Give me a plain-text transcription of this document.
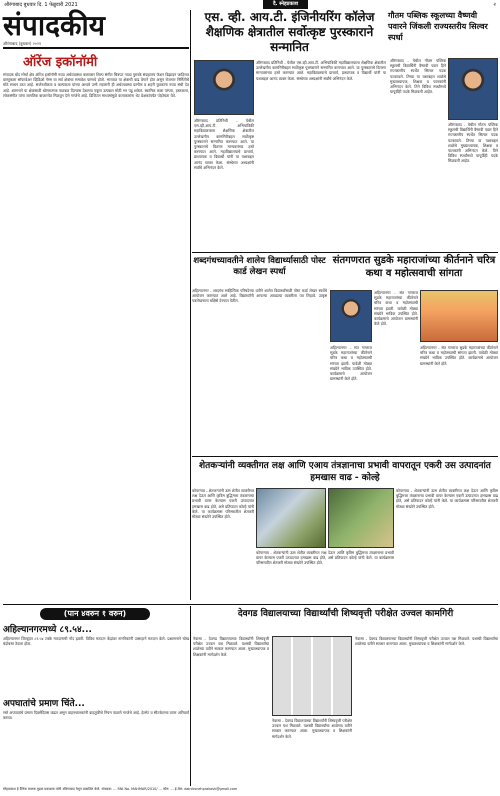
औरंगाबाद बुधवार दि. 1 फेब्रुवारी 2021	दै. स्नेहप्रकाश	२
संपादकीय
औरंगाबाद (बुधवार) २०२१
एस. व्ही. आय.टी. इंजिनीयरिंग कॉलेज शैक्षणिक क्षेत्रातील सर्वोत्कृष्ट पुरस्काराने सन्मानित
गौतम पब्लिक स्कूलच्या वैष्णवी पवारने जिंकली राज्यस्तरीय सिल्वर स्पर्धा
ऑरेंज इकॉनॉमी
संपादक बोंद मोर्चा क्षेत्र ऑरेंज इकॉनॉमी नव्या अर्थव्यवस्था कलाकार शिल्प संगीत चित्रपट नाट्य पुस्तके संग्रहालय फॅशन डिझाइन जाहिरात वास्तुकला सॉफ्टवेअर व्हिडिओ गेम्स या सर्व क्षेत्रांचा समावेश यामध्ये होतो. भारतात या क्षेत्राची वाढ वेगाने होत असून रोजगार निर्मितीचे मोठे साधन ठरत आहे. सर्जनशीलता व कल्पकता यांच्या आधारे उभी राहणारी ही अर्थव्यवस्था ग्रामीण व शहरी युवकांना नव्या संधी देत आहे. शासनाने या क्षेत्रासाठी धोरणात्मक पाठबळ दिल्यास देशाच्या एकूण उत्पन्नात मोठी भर पडू शकेल. स्थानिक कला परंपरा, हस्तकला, लोकसंगीत यांना जागतिक बाजारपेठ मिळवून देणे गरजेचे आहे. डिजिटल माध्यमांमुळे कलाकारांना थेट प्रेक्षकांपर्यंत पोहोचता येते.
औरंगाबाद प्रतिनिधी - येथील एस.व्ही.आय.टी. अभियांत्रिकी महाविद्यालयाला शैक्षणिक क्षेत्रातील उल्लेखनीय कामगिरीबद्दल सर्वोत्कृष्ट पुरस्काराने सन्मानित करण्यात आले. या पुरस्काराचे वितरण मान्यवरांच्या हस्ते करण्यात आले. महाविद्यालयाचे प्राचार्य, प्राध्यापक व विद्यार्थी यांनी या यशाबद्दल आनंद व्यक्त केला. संस्थेच्या अध्यक्षांनी सर्वांचे अभिनंदन केले.
औरंगाबाद प्रतिनिधी - येथील एस.व्ही.आय.टी. अभियांत्रिकी महाविद्यालयाला शैक्षणिक क्षेत्रातील उल्लेखनीय कामगिरीबद्दल सर्वोत्कृष्ट पुरस्काराने सन्मानित करण्यात आले. या पुरस्काराचे वितरण मान्यवरांच्या हस्ते करण्यात आले. महाविद्यालयाचे प्राचार्य, प्राध्यापक व विद्यार्थी यांनी या यशाबद्दल आनंद व्यक्त केला. संस्थेच्या अध्यक्षांनी सर्वांचे अभिनंदन केले.
औरंगाबाद - येथील गौतम पब्लिक स्कूलची विद्यार्थिनी वैष्णवी पवार हिने राज्यस्तरीय स्पर्धेत सिल्वर पदक पटकावले. तिच्या या यशाबद्दल शाळेचे मुख्याध्यापक, शिक्षक व पालकांनी अभिनंदन केले. तिने विविध स्पर्धांमध्ये यापूर्वीही पदके मिळवली आहेत.
औरंगाबाद - येथील गौतम पब्लिक स्कूलची विद्यार्थिनी वैष्णवी पवार हिने राज्यस्तरीय स्पर्धेत सिल्वर पदक पटकावले. तिच्या या यशाबद्दल शाळेचे मुख्याध्यापक, शिक्षक व पालकांनी अभिनंदन केले. तिने विविध स्पर्धांमध्ये यापूर्वीही पदके मिळवली आहेत.
शब्दगंधच्यावतीने शालेय विद्यार्थ्यासाठी पोस्ट कार्ड लेखन स्पर्धा
अहिल्यानगर - शब्दगंध साहित्यिक परिषदेच्या वतीने शालेय विद्यार्थ्यांसाठी पोस्ट कार्ड लेखन स्पर्धेचे आयोजन करण्यात आले आहे. विद्यार्थ्यांनी आपल्या आवडत्या व्यक्तीला पत्र लिहावे. उत्कृष्ट पत्रलेखनाला बक्षिसे देण्यात येतील.
संतगणरात सुडके महाराजांच्या कीर्तनाने चरित्र कथा व महोत्सवाची सांगता
अहिल्यानगर - संत गणराज सुडके महाराजांच्या कीर्तनाने चरित्र कथा व महोत्सवाची सांगता झाली. यावेळी मोठ्या संख्येने भाविक उपस्थित होते. कार्यक्रमाचे आयोजन ग्रामस्थांनी केले होते.
अहिल्यानगर - संत गणराज सुडके महाराजांच्या कीर्तनाने चरित्र कथा व महोत्सवाची सांगता झाली. यावेळी मोठ्या संख्येने भाविक उपस्थित होते. कार्यक्रमाचे आयोजन ग्रामस्थांनी केले होते.
अहिल्यानगर - संत गणराज सुडके महाराजांच्या कीर्तनाने चरित्र कथा व महोत्सवाची सांगता झाली. यावेळी मोठ्या संख्येने भाविक उपस्थित होते. कार्यक्रमाचे आयोजन ग्रामस्थांनी केले होते.
शेतकऱ्यांनी व्यक्तीगत लक्ष आणि एआय तंत्रज्ञानाचा प्रभावी वापरातून एकरी उस उत्पादनांत हमखास वाढ - कोल्हे
कोपरगाव - शेतकऱ्यांनी ऊस शेतीत व्यक्तीगत लक्ष देऊन आणि कृत्रिम बुद्धिमत्ता तंत्रज्ञानाचा प्रभावी वापर केल्यास एकरी उत्पादनात हमखास वाढ होते, असे प्रतिपादन कोल्हे यांनी केले. या कार्यक्रमास परिसरातील शेतकरी मोठ्या संख्येने उपस्थित होते.
कोपरगाव - शेतकऱ्यांनी ऊस शेतीत व्यक्तीगत लक्ष देऊन आणि कृत्रिम बुद्धिमत्ता तंत्रज्ञानाचा प्रभावी वापर केल्यास एकरी उत्पादनात हमखास वाढ होते, असे प्रतिपादन कोल्हे यांनी केले. या कार्यक्रमास परिसरातील शेतकरी मोठ्या संख्येने उपस्थित होते.
कोपरगाव - शेतकऱ्यांनी ऊस शेतीत व्यक्तीगत लक्ष देऊन आणि कृत्रिम बुद्धिमत्ता तंत्रज्ञानाचा प्रभावी वापर केल्यास एकरी उत्पादनात हमखास वाढ होते, असे प्रतिपादन कोल्हे यांनी केले. या कार्यक्रमास परिसरातील शेतकरी मोठ्या संख्येने उपस्थित होते.
(पान ४वरुन १ वरुन)
अहिल्यानगरमध्ये ८९.५४...
अहिल्यानगर जिल्ह्यात ८९.५४ टक्के मतदानाची नोंद झाली. विविध मतदान केंद्रांवर नागरिकांनी उत्साहाने मतदान केले. प्रशासनाने चोख बंदोबस्त ठेवला होता.
अपघातांचे प्रमाण चिंते...
रस्ते अपघातांचे प्रमाण दिवसेंदिवस वाढत असून वाहनचालकांनी वाहतुकीचे नियम पाळणे गरजेचे आहे. हेल्मेट व सीटबेल्टचा वापर अनिवार्य करावा.
देवगड विद्यालयाच्या विद्यार्थ्यांची शिष्यवृत्ती परीक्षेत उज्वल कामगिरी
नेवासा - देवगड विद्यालयाच्या विद्यार्थ्यांनी शिष्यवृत्ती परीक्षेत उज्वल यश मिळवले. यशस्वी विद्यार्थ्यांचा शाळेच्या वतीने सत्कार करण्यात आला. मुख्याध्यापक व शिक्षकांनी मार्गदर्शन केले.
नेवासा - देवगड विद्यालयाच्या विद्यार्थ्यांनी शिष्यवृत्ती परीक्षेत उज्वल यश मिळवले. यशस्वी विद्यार्थ्यांचा शाळेच्या वतीने सत्कार करण्यात आला. मुख्याध्यापक व शिक्षकांनी मार्गदर्शन केले.
नेवासा - देवगड विद्यालयाच्या विद्यार्थ्यांनी शिष्यवृत्ती परीक्षेत उज्वल यश मिळवले. यशस्वी विद्यार्थ्यांचा शाळेच्या वतीने सत्कार करण्यात आला. मुख्याध्यापक व शिक्षकांनी मार्गदर्शन केले.
स्नेहप्रकाश हे दैनिक मालक मुद्रक प्रकाशक यांनी औरंगाबाद येथून प्रकाशित केले. संपादक: ... RNI No. MAHMAR/2010/ ... फोन: ... ई-मेल: dainiksnehprakash@gmail.com
